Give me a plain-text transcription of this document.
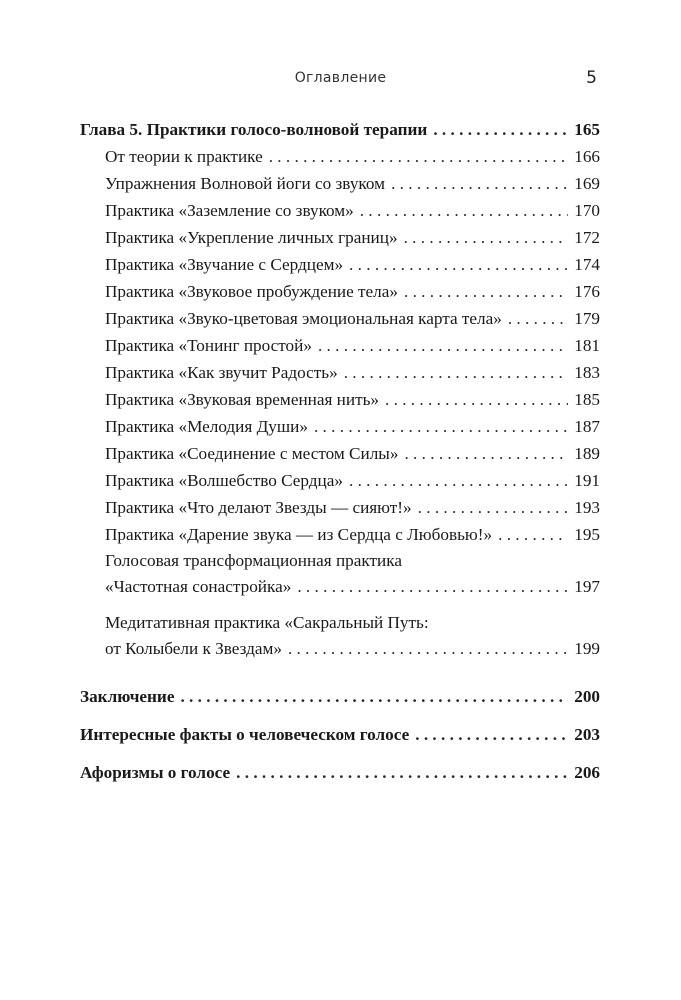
Оглавление	5
Глава 5. Практики голосо-волновой терапии . . .	165
От теории к практике . . .	166
Упражнения Волновой йоги со звуком . . .	169
Практика «Заземление со звуком» . . .	170
Практика «Укрепление личных границ» . . .	172
Практика «Звучание с Сердцем» . . .	174
Практика «Звуковое пробуждение тела» . . .	176
Практика «Звуко-цветовая эмоциональная карта тела» . . .	179
Практика «Тонинг простой» . . .	181
Практика «Как звучит Радость» . . .	183
Практика «Звуковая временная нить» . . .	185
Практика «Мелодия Души» . . .	187
Практика «Соединение с местом Силы» . . .	189
Практика «Волшебство Сердца» . . .	191
Практика «Что делают Звезды — сияют!» . . .	193
Практика «Дарение звука — из Сердца с Любовью!» . . .	195
Голосовая трансформационная практика
«Частотная сонастройка» . . .	197
Медитативная практика «Сакральный Путь:
от Колыбели к Звездам» . . .	199
Заключение . . .	200
Интересные факты о человеческом голосе . . .	203
Афоризмы о голосе . . .	206
